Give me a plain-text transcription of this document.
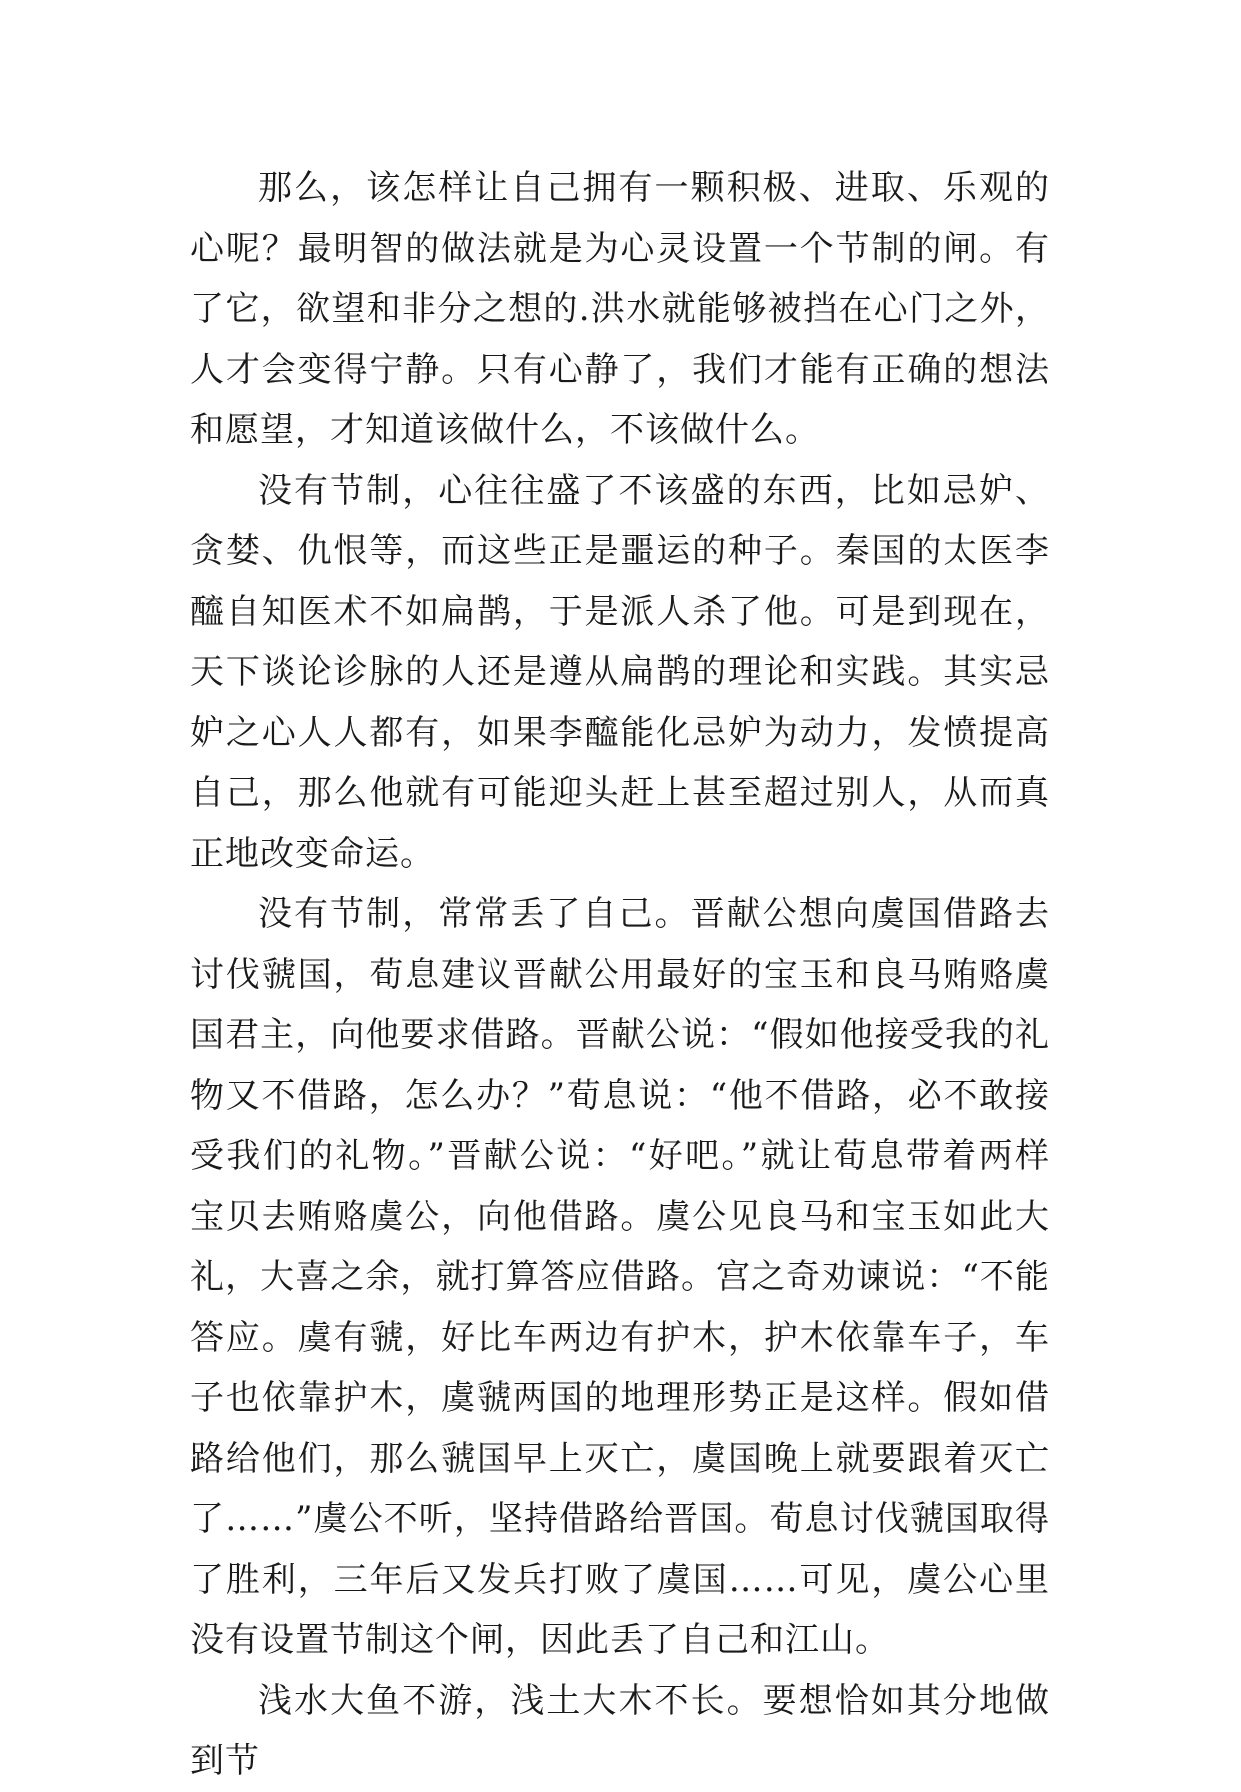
那么，该怎样让自己拥有一颗积极、进取、乐观的心呢？最明智的做法就是为心灵设置一个节制的闸。有了它，欲望和非分之想的.洪水就能够被挡在心门之外，人才会变得宁静。只有心静了，我们才能有正确的想法和愿望，才知道该做什么，不该做什么。

没有节制，心往往盛了不该盛的东西，比如忌妒、贪婪、仇恨等，而这些正是噩运的种子。秦国的太医李醯自知医术不如扁鹊，于是派人杀了他。可是到现在，天下谈论诊脉的人还是遵从扁鹊的理论和实践。其实忌妒之心人人都有，如果李醯能化忌妒为动力，发愤提高自己，那么他就有可能迎头赶上甚至超过别人，从而真正地改变命运。

没有节制，常常丢了自己。晋献公想向虞国借路去讨伐虢国，荀息建议晋献公用最好的宝玉和良马贿赂虞国君主，向他要求借路。晋献公说：“假如他接受我的礼物又不借路，怎么办？”荀息说：“他不借路，必不敢接受我们的礼物。”晋献公说：“好吧。”就让荀息带着两样宝贝去贿赂虞公，向他借路。虞公见良马和宝玉如此大礼，大喜之余，就打算答应借路。宫之奇劝谏说：“不能答应。虞有虢，好比车两边有护木，护木依靠车子，车子也依靠护木，虞虢两国的地理形势正是这样。假如借路给他们，那么虢国早上灭亡，虞国晚上就要跟着灭亡了……”虞公不听，坚持借路给晋国。荀息讨伐虢国取得了胜利，三年后又发兵打败了虞国……可见，虞公心里没有设置节制这个闸，因此丢了自己和江山。

浅水大鱼不游，浅土大木不长。要想恰如其分地做到节
